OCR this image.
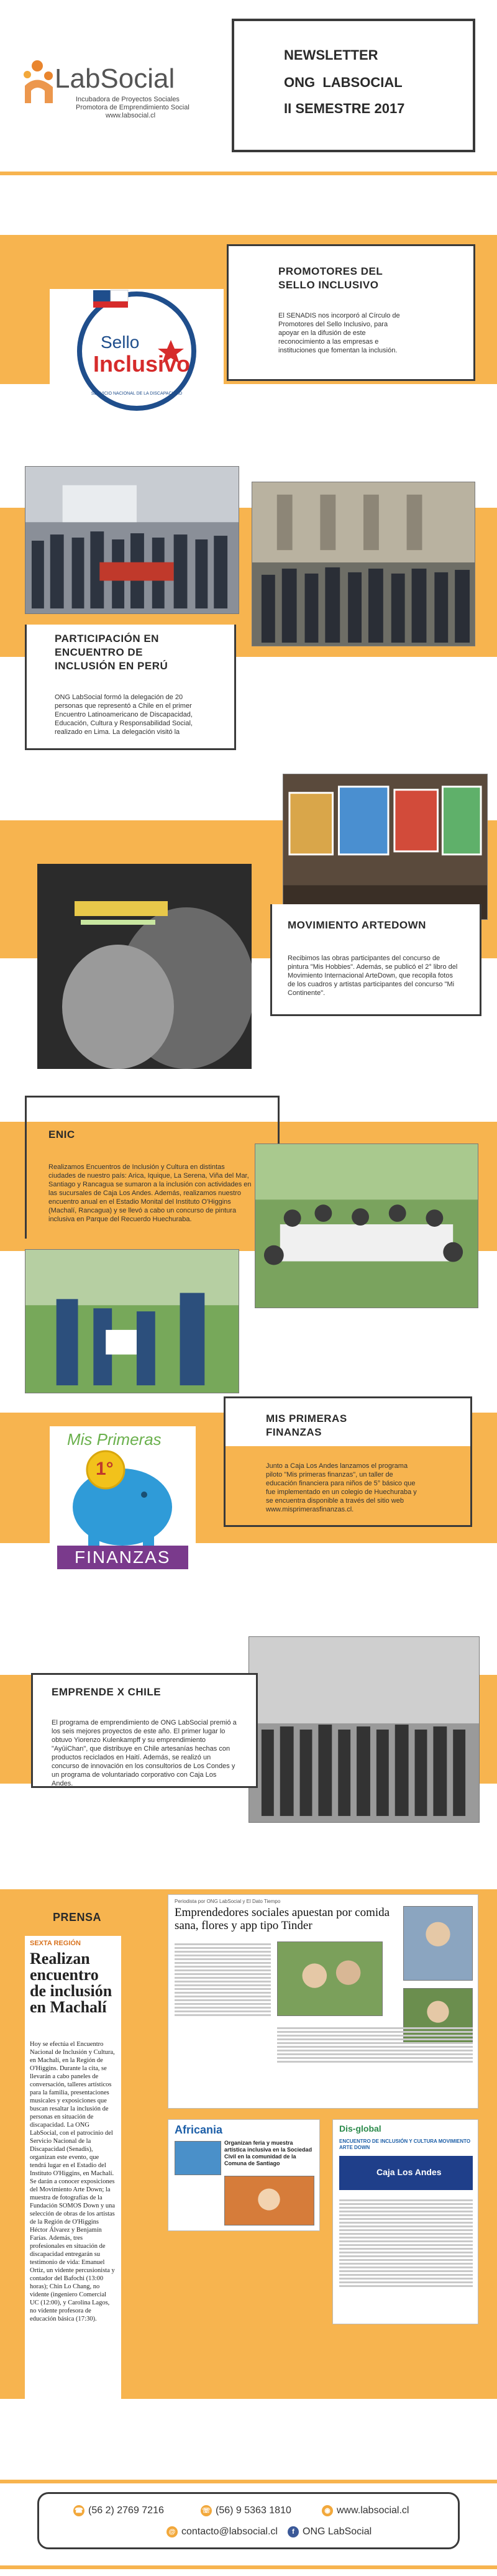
LabSocial
Incubadora de Proyectos Sociales
Promotora de Emprendimiento Social
www.labsocial.cl
NEWSLETTER
ONG  LABSOCIAL
II SEMESTRE 2017
SERVICIO NACIONAL DE LA DISCAPACIDAD
Sello
Inclusivo
PROMOTORES DEL SELLO INCLUSIVO
El SENADIS nos incorporó al Círculo de Promotores del Sello Inclusivo, para apoyar en la difusión de este reconocimiento a las empresas e instituciones que fomentan la inclusión.
PARTICIPACIÓN EN ENCUENTRO DE INCLUSIÓN EN PERÚ
ONG LabSocial formó la delegación de 20 personas que representó a Chile en el primer Encuentro Latinoamericano de Discapacidad, Educación, Cultura y Responsabilidad Social, realizado en Lima. La delegación visitó la
MOVIMIENTO ARTEDOWN
Recibimos las obras participantes del concurso de pintura "Mis Hobbies". Además, se publicó el 2° libro del Movimiento Internacional ArteDown, que recopila fotos de los cuadros y artistas participantes del concurso "Mi Continente".
ENIC
Realizamos Encuentros de Inclusión y Cultura en distintas ciudades de nuestro país: Arica, Iquique, La Serena, Viña del Mar, Santiago y Rancagua se sumaron a la inclusión con actividades en las sucursales de Caja Los Andes. Además, realizamos nuestro encuentro anual en el Estadio Monital del Instituto O'Higgins (Machalí, Rancagua) y se llevó a cabo un concurso de pintura inclusiva en Parque del Recuerdo Huechuraba.
Mis Primeras
1°
FINANZAS
MIS PRIMERAS FINANZAS
Junto a Caja Los Andes lanzamos el programa piloto "Mis primeras finanzas", un taller de educación financiera para niños de 5° básico que fue implementado en un colegio de Huechuraba y se encuentra disponible a través del sitio web www.misprimerasfinanzas.cl.
EMPRENDE X CHILE
El programa de emprendimiento de ONG LabSocial premió a los seis mejores proyectos de este año. El primer lugar lo obtuvo Yiorenzo Kulenkampff y su emprendimiento "AyūiChan", que distribuye en Chile artesanías hechas con productos reciclados en Haití. Además, se realizó un concurso de innovación en los consultorios de Los Condes y un programa de voluntariado corporativo con Caja Los Andes.
PRENSA
SEXTA REGIÓN
Realizan encuentro de inclusión en Machalí
Hoy se efectúa el Encuentro Nacional de Inclusión y Cultura, en Machalí, en la Región de O'Higgins. Durante la cita, se llevarán a cabo paneles de conversación, talleres artísticos para la familia, presentaciones musicales y exposiciones que buscan resaltar la inclusión de personas en situación de discapacidad. La ONG LabSocial, con el patrocinio del Servicio Nacional de la Discapacidad (Senadis), organizan este evento, que tendrá lugar en el Estadio del Instituto O'Higgins, en Machalí. Se darán a conocer exposiciones del Movimiento Arte Down; la muestra de fotografías de la Fundación SOMOS Down y una selección de obras de los artistas de la Región de O'Higgins Héctor Álvarez y Benjamín Farías. Además, tres profesionales en situación de discapacidad entregarán su testimonio de vida: Emanuel Ortiz, un vidente percusionista y contador del Bafochi (13:00 horas); Chin Lo Chang, no vidente (ingeniero Comercial UC (12:00), y Carolina Lagos, no vidente profesora de educación básica (17:30).
Periodista por ONG LabSocial y El Dato Tiempo
Emprendedores sociales apuestan por comida sana, flores y app tipo Tinder
Africania
Organizan feria y muestra artística inclusiva en la Sociedad Civil en la comunidad de la Comuna de Santiago
Dis-global
ENCUENTRO DE INCLUSIÓN Y CULTURA MOVIMIENTO ARTE DOWN
Caja Los Andes
☎ (56 2) 2769 7216	☏ (56) 9 5363 1810	◉ www.labsocial.cl
@ contacto@labsocial.cl	f ONG LabSocial
